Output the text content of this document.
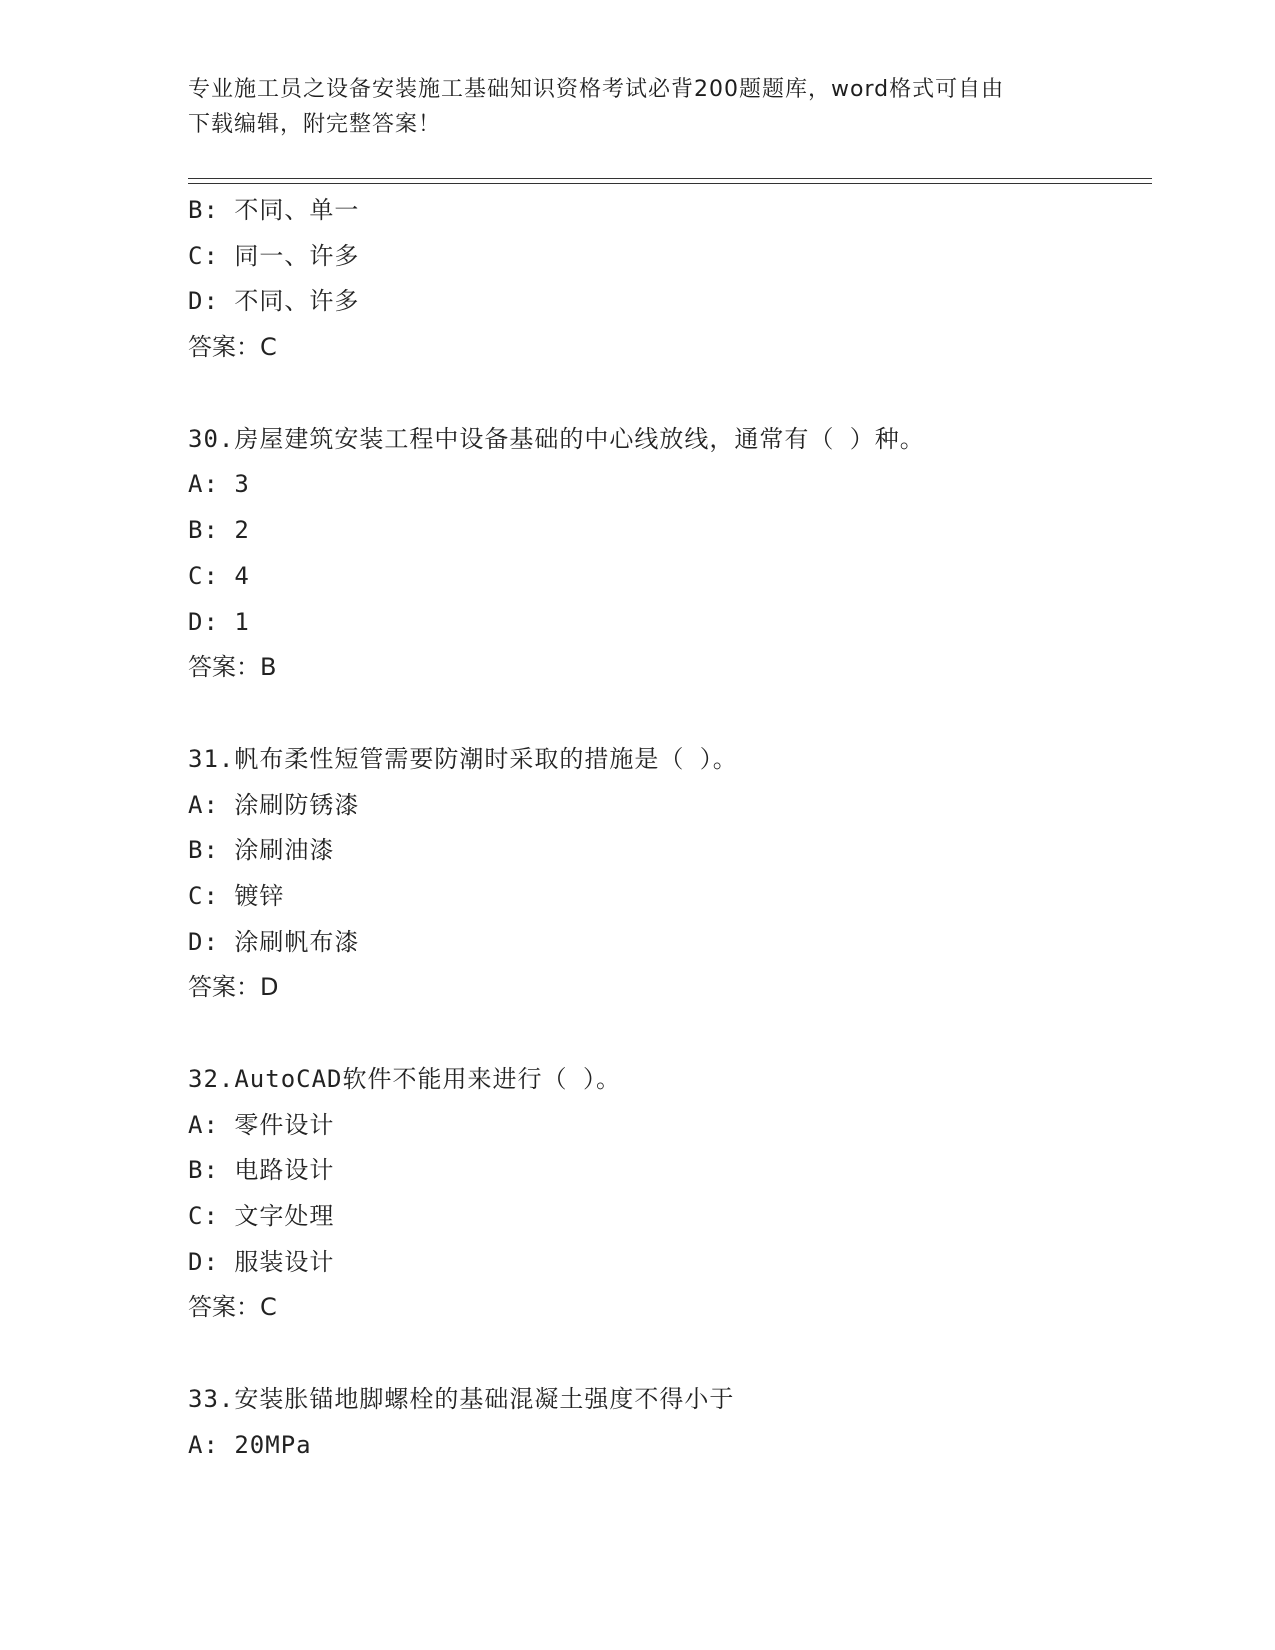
专业施工员之设备安装施工基础知识资格考试必背200题题库，word格式可自由
下载编辑，附完整答案！
B: 不同、单一
C: 同一、许多
D: 不同、许多
答案：C
30.房屋建筑安装工程中设备基础的中心线放线，通常有（ ）种。
A: 3
B: 2
C: 4
D: 1
答案：B
31.帆布柔性短管需要防潮时采取的措施是（ ）。
A: 涂刷防锈漆
B: 涂刷油漆
C: 镀锌
D: 涂刷帆布漆
答案：D
32.AutoCAD软件不能用来进行（ ）。
A: 零件设计
B: 电路设计
C: 文字处理
D: 服装设计
答案：C
33.安装胀锚地脚螺栓的基础混凝土强度不得小于
A: 20MPa
